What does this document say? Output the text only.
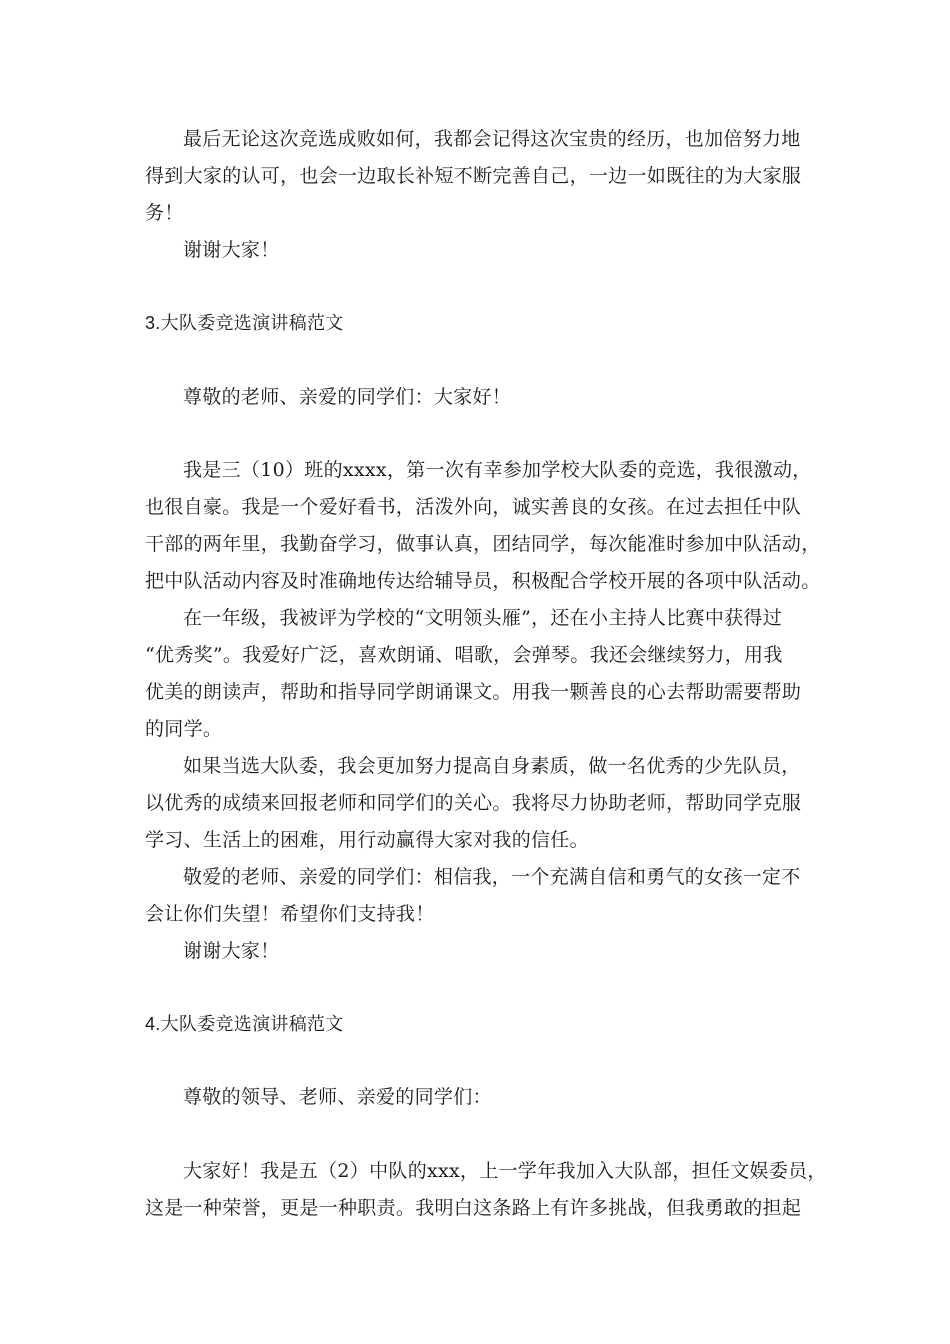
最后无论这次竞选成败如何，我都会记得这次宝贵的经历，也加倍努力地
得到大家的认可，也会一边取长补短不断完善自己，一边一如既往的为大家服
务！
谢谢大家！
3.大队委竞选演讲稿范文
尊敬的老师、亲爱的同学们：大家好！
我是三（10）班的xxxx，第一次有幸参加学校大队委的竞选，我很激动，
也很自豪。我是一个爱好看书，活泼外向，诚实善良的女孩。在过去担任中队
干部的两年里，我勤奋学习，做事认真，团结同学，每次能准时参加中队活动，
把中队活动内容及时准确地传达给辅导员，积极配合学校开展的各项中队活动。
在一年级，我被评为学校的“文明领头雁”，还在小主持人比赛中获得过
“优秀奖”。我爱好广泛，喜欢朗诵、唱歌，会弹琴。我还会继续努力，用我
优美的朗读声，帮助和指导同学朗诵课文。用我一颗善良的心去帮助需要帮助
的同学。
如果当选大队委，我会更加努力提高自身素质，做一名优秀的少先队员，
以优秀的成绩来回报老师和同学们的关心。我将尽力协助老师，帮助同学克服
学习、生活上的困难，用行动赢得大家对我的信任。
敬爱的老师、亲爱的同学们：相信我，一个充满自信和勇气的女孩一定不
会让你们失望！希望你们支持我！
谢谢大家！
4.大队委竞选演讲稿范文
尊敬的领导、老师、亲爱的同学们：
大家好！我是五（2）中队的xxx，上一学年我加入大队部，担任文娱委员，
这是一种荣誉，更是一种职责。我明白这条路上有许多挑战，但我勇敢的担起
